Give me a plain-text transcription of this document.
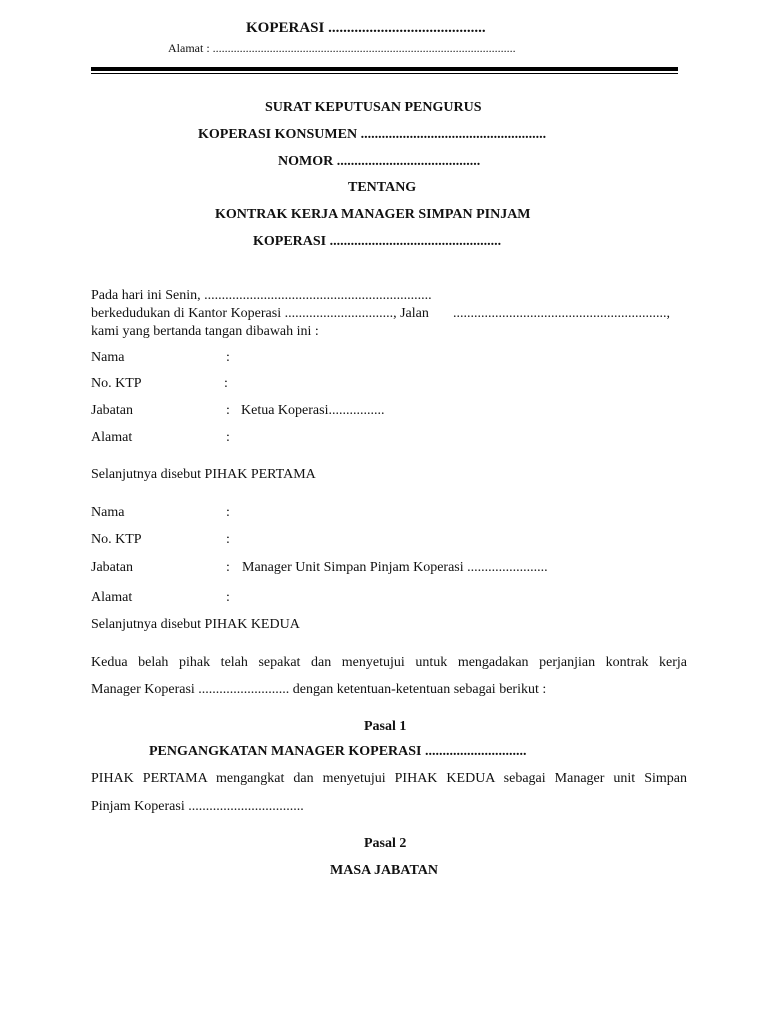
KOPERASI ..........................................
Alamat : .....................................................................................................
SURAT KEPUTUSAN PENGURUS
KOPERASI KONSUMEN .....................................................
NOMOR .........................................
TENTANG
KONTRAK KERJA MANAGER SIMPAN PINJAM
KOPERASI .................................................
Pada hari ini Senin, .................................................................
berkedudukan di Kantor Koperasi ..............................., Jalan .............................................................,
kami yang bertanda tangan dibawah ini :
Nama	:
No. KTP	:
Jabatan	: Ketua Koperasi................
Alamat	:
Selanjutnya disebut PIHAK PERTAMA
Nama	:
No. KTP	:
Jabatan	: Manager Unit Simpan Pinjam Koperasi .......................
Alamat	:
Selanjutnya disebut PIHAK KEDUA
Kedua belah pihak telah sepakat dan menyetujui untuk mengadakan perjanjian kontrak kerja
Manager Koperasi .......................... dengan ketentuan-ketentuan sebagai berikut :
Pasal 1
PENGANGKATAN MANAGER KOPERASI .............................
PIHAK PERTAMA mengangkat dan menyetujui PIHAK KEDUA sebagai Manager unit Simpan
Pinjam Koperasi .................................
Pasal 2
MASA JABATAN
